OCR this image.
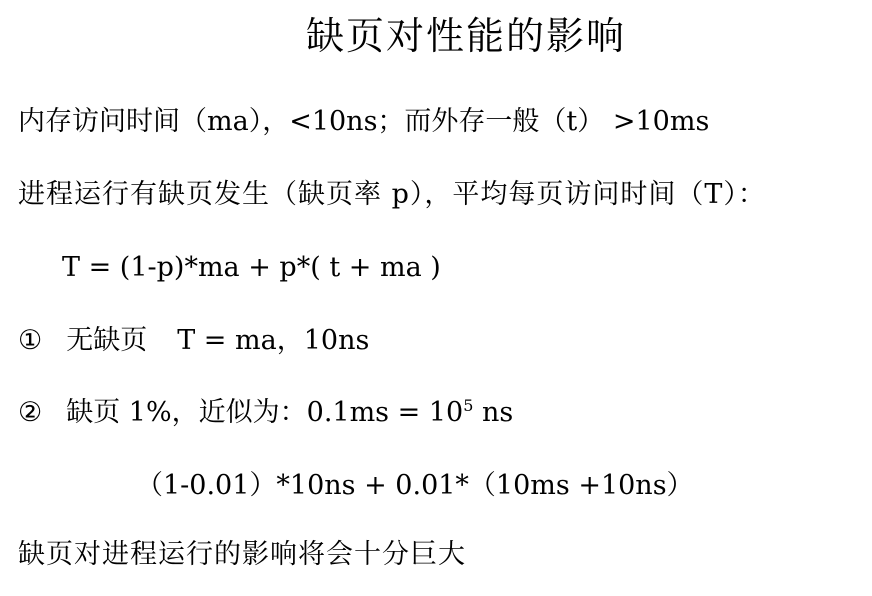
缺页对性能的影响
内存访问时间（ma），<10ns；而外存一般（t） >10ms
进程运行有缺页发生（缺页率 p），平均每页访问时间（T）：
T = (1-p)*ma + p*( t + ma )
① 无缺页 T = ma，10ns
② 缺页 1%，近似为：$0.1ms = 10^5$ ns
（1-0.01）*10ns + 0.01*（10ms +10ns）
缺页对进程运行的影响将会十分巨大
